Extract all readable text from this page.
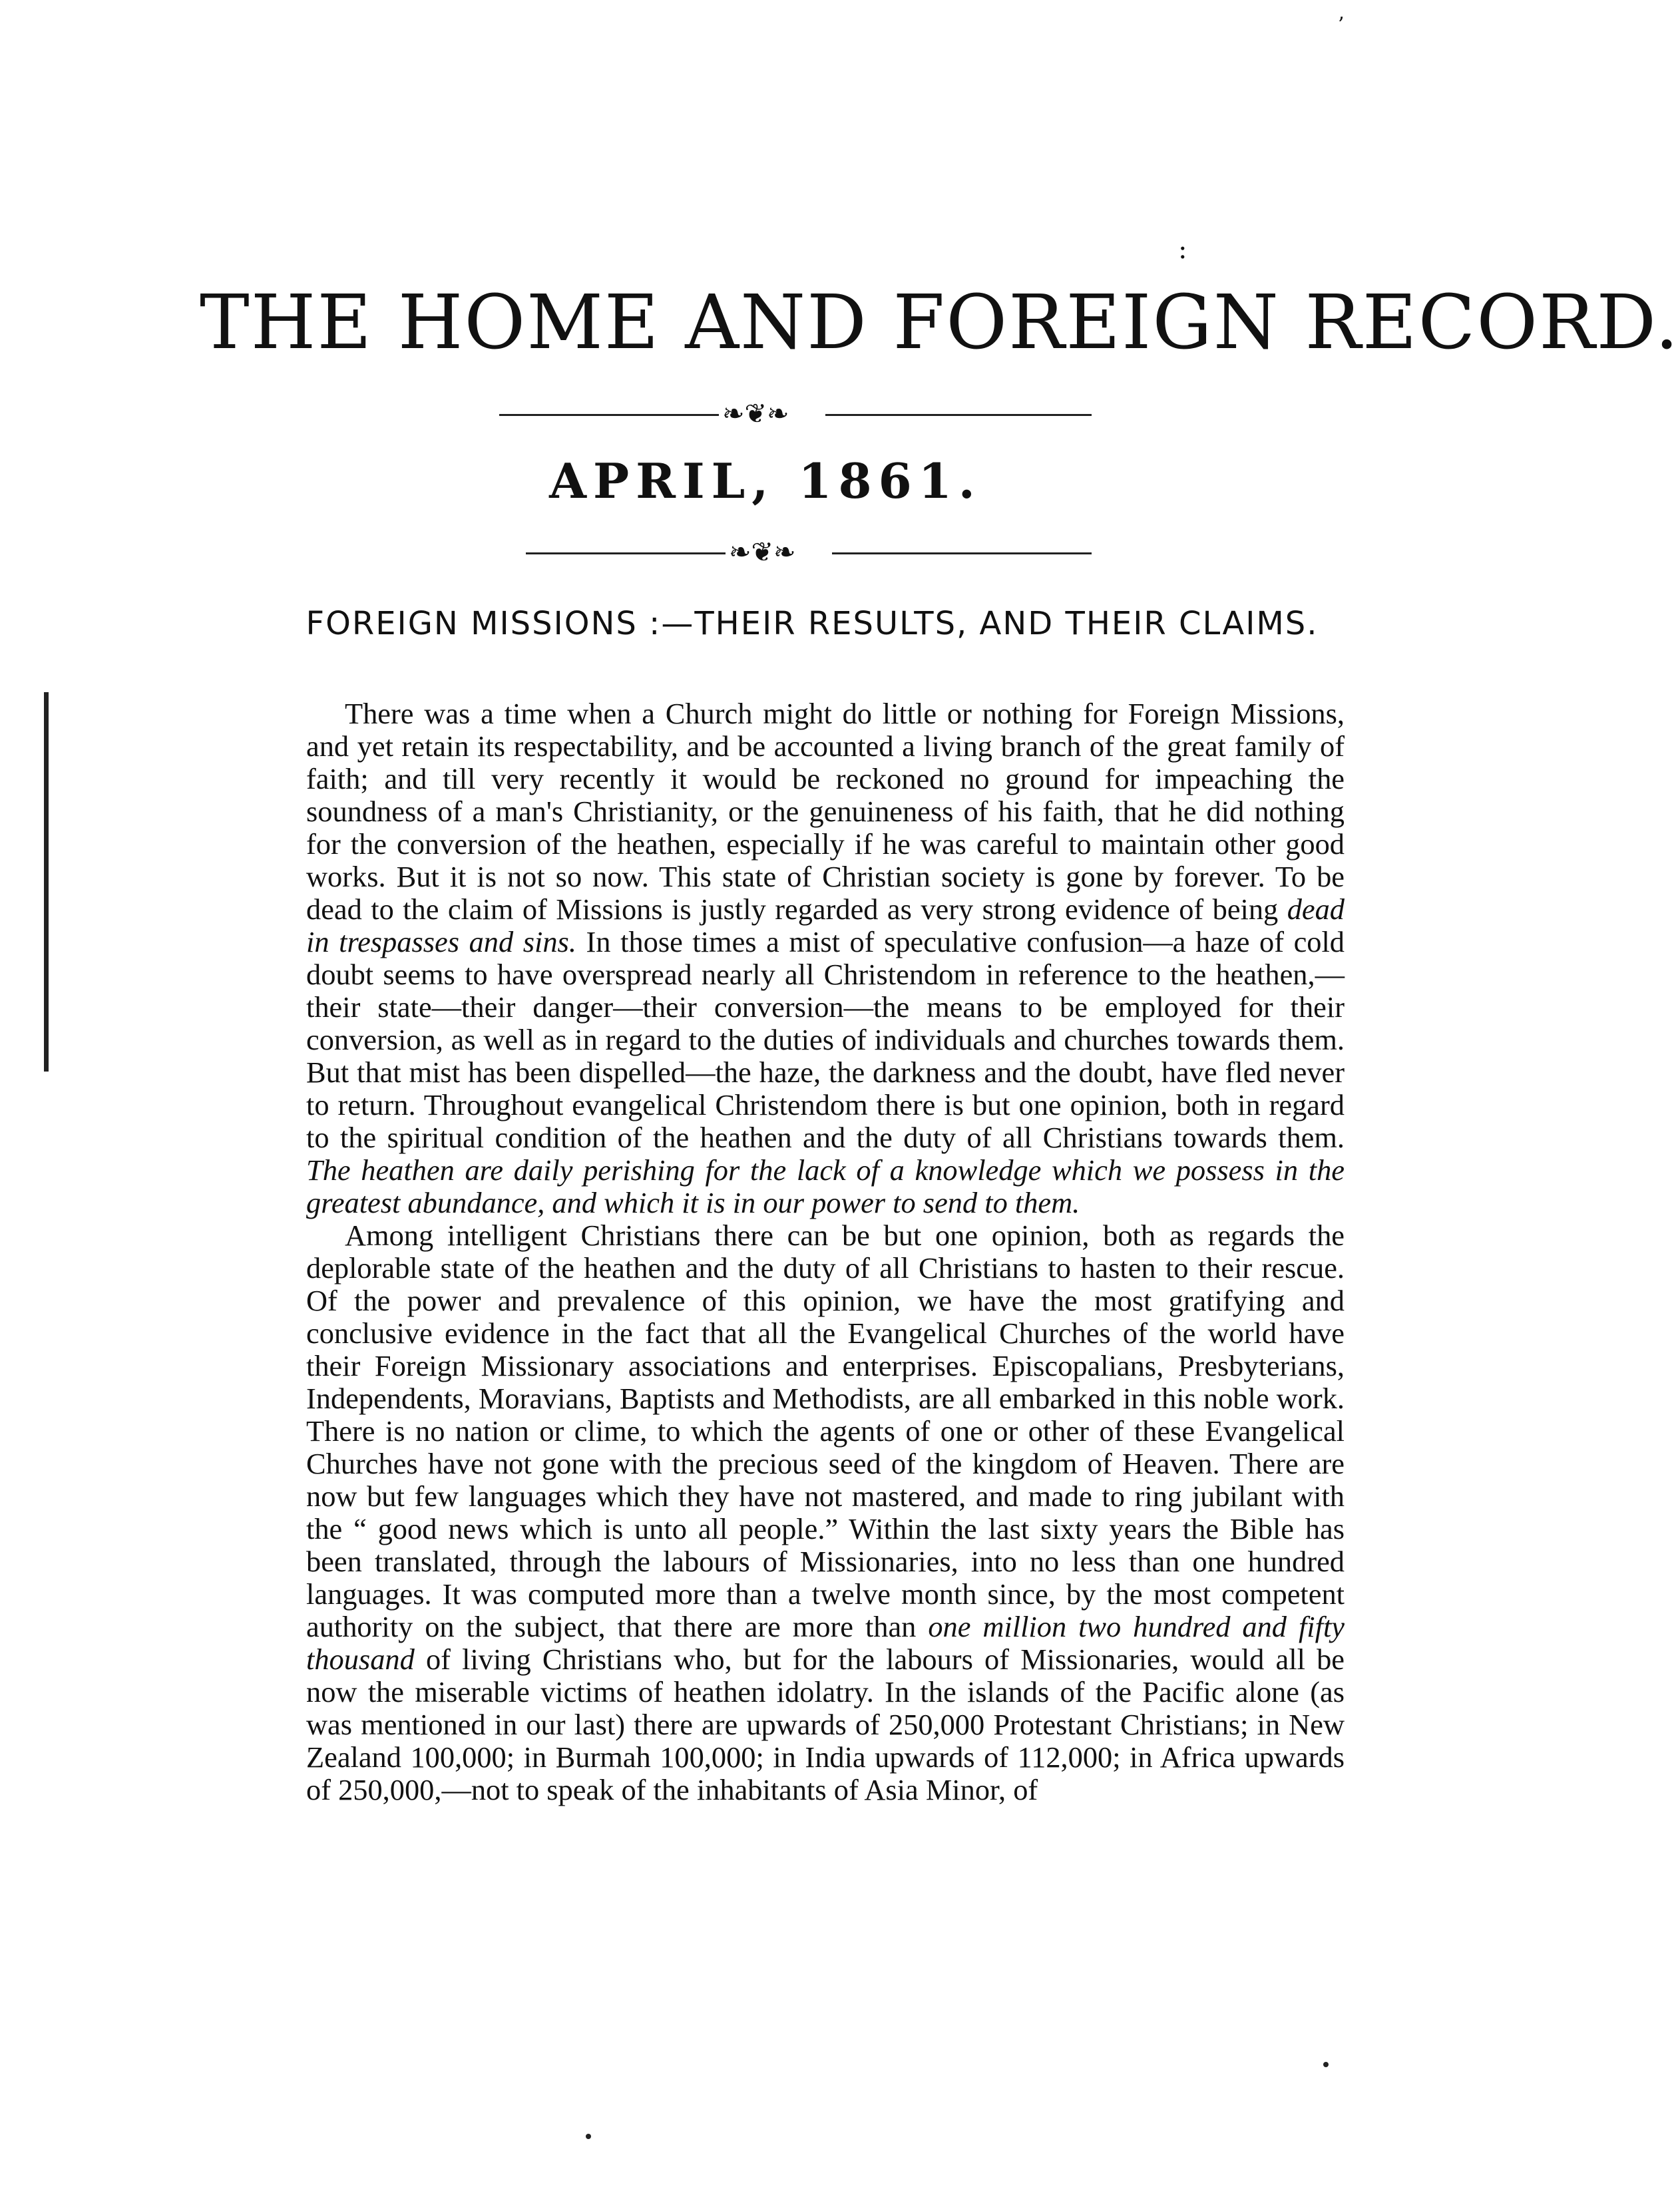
’
:
THE HOME AND FOREIGN RECORD.
❧❦❧
APRIL, 1861.
❧❦❧
FOREIGN MISSIONS :—THEIR RESULTS, AND THEIR CLAIMS.

There was a time when a Church might do little or nothing for Foreign Missions, and yet retain its respectability, and be accounted a living branch of the great family of faith; and till very recently it would be reckoned no ground for impeaching the soundness of a man's Christianity, or the genuineness of his faith, that he did nothing for the conversion of the heathen, especially if he was careful to maintain other good works. But it is not so now. This state of Christian society is gone by forever. To be dead to the claim of Missions is justly regarded as very strong evidence of being dead in trespasses and sins. In those times a mist of speculative confusion—a haze of cold doubt seems to have overspread nearly all Christendom in reference to the heathen,—their state—their danger—their conversion—the means to be employed for their conversion, as well as in regard to the duties of individuals and churches towards them. But that mist has been dispelled—the haze, the darkness and the doubt, have fled never to return. Throughout evangelical Christendom there is but one opinion, both in regard to the spiritual condition of the heathen and the duty of all Christians towards them. The heathen are daily perishing for the lack of a knowledge which we possess in the greatest abundance, and which it is in our power to send to them.

Among intelligent Christians there can be but one opinion, both as regards the deplorable state of the heathen and the duty of all Christians to hasten to their rescue. Of the power and prevalence of this opinion, we have the most gratifying and conclusive evidence in the fact that all the Evangelical Churches of the world have their Foreign Missionary associations and enterprises. Episcopalians, Presbyterians, Independents, Moravians, Baptists and Methodists, are all embarked in this noble work. There is no nation or clime, to which the agents of one or other of these Evangelical Churches have not gone with the precious seed of the kingdom of Heaven. There are now but few languages which they have not mastered, and made to ring jubilant with the “ good news which is unto all people.” Within the last sixty years the Bible has been translated, through the labours of Missionaries, into no less than one hundred languages. It was computed more than a twelve month since, by the most competent authority on the subject, that there are more than one million two hundred and fifty thousand of living Christians who, but for the labours of Missionaries, would all be now the miserable victims of heathen idolatry. In the islands of the Pacific alone (as was mentioned in our last) there are upwards of 250,000 Protestant Christians; in New Zealand 100,000; in Burmah 100,000; in India upwards of 112,000; in Africa upwards of 250,000,—not to speak of the inhabitants of Asia Minor, of
